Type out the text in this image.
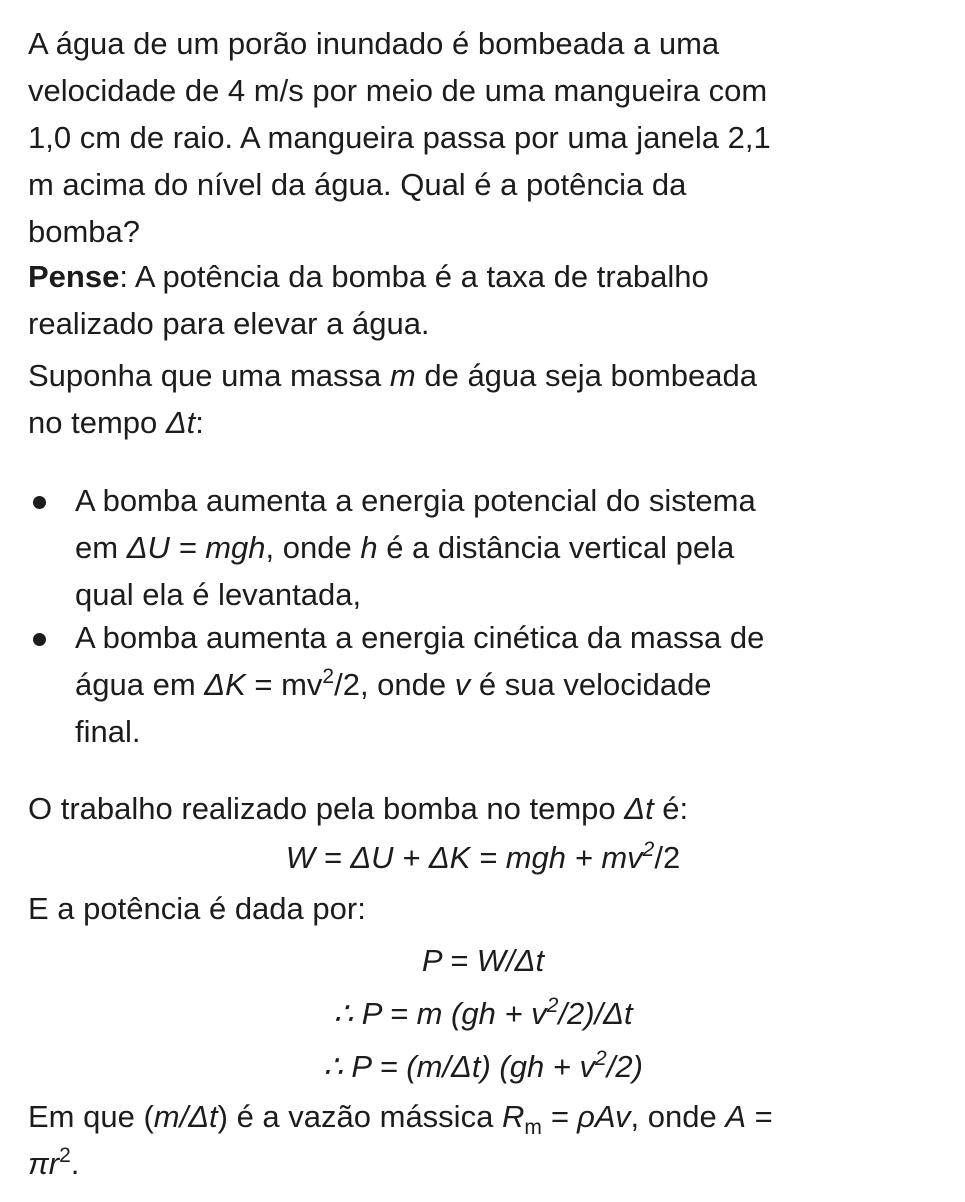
A água de um porão inundado é bombeada a uma
velocidade de 4 m/s por meio de uma mangueira com
1,0 cm de raio. A mangueira passa por uma janela 2,1
m acima do nível da água. Qual é a potência da
bomba?
Pense: A potência da bomba é a taxa de trabalho
realizado para elevar a água.
Suponha que uma massa m de água seja bombeada
no tempo Δt:
A bomba aumenta a energia potencial do sistema
em ΔU = mgh, onde h é a distância vertical pela
qual ela é levantada,
A bomba aumenta a energia cinética da massa de
água em $\Delta K = mv^2/2$, onde v é sua velocidade
final.
O trabalho realizado pela bomba no tempo Δt é:
W = ΔU + ΔK = mgh + $mv^2/2$
E a potência é dada por:
P = W/Δt
∴ P = m $(gh + v^2/2)/\Delta t$
∴ P = (m/Δt) $(gh + v^2/2)$
Em que (m/Δt) é a vazão mássica $R_m = \rho Av$, onde A =
$\pi r^2$.
